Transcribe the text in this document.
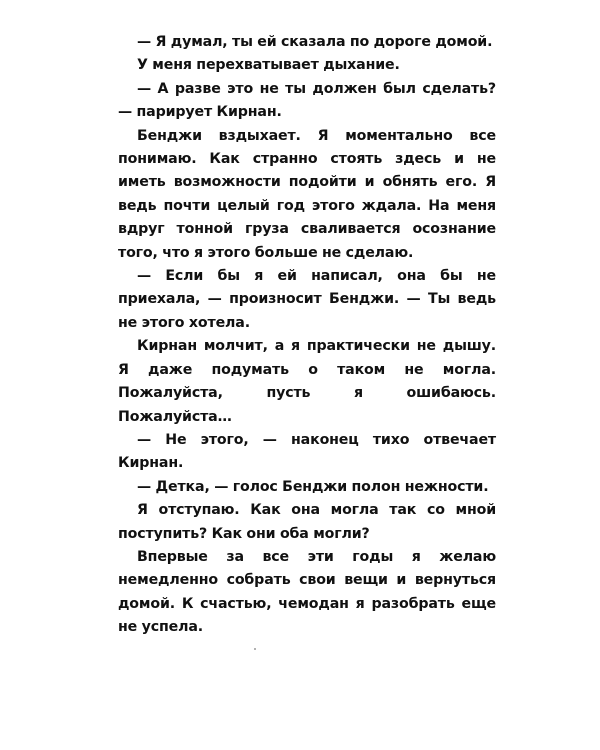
— Я думал, ты ей сказала по дороге домой.

У меня перехватывает дыхание.

— А разве это не ты должен был сделать? — парирует Кирнан.

Бенджи вздыхает. Я моментально все понимаю. Как странно стоять здесь и не иметь возможности подойти и обнять его. Я ведь почти целый год этого ждала. На меня вдруг тонной груза сваливается осознание того, что я этого больше не сделаю.

— Если бы я ей написал, она бы не приехала, — произносит Бенджи. — Ты ведь не этого хотела.

Кирнан молчит, а я практически не дышу. Я даже подумать о таком не могла. Пожалуйста, пусть я ошибаюсь. Пожалуйста…

— Не этого, — наконец тихо отвечает Кирнан.

— Детка, — голос Бенджи полон нежности.

Я отступаю. Как она могла так со мной поступить? Как они оба могли?

Впервые за все эти годы я желаю немедленно собрать свои вещи и вернуться домой. К счастью, чемодан я разобрать еще не успела.
